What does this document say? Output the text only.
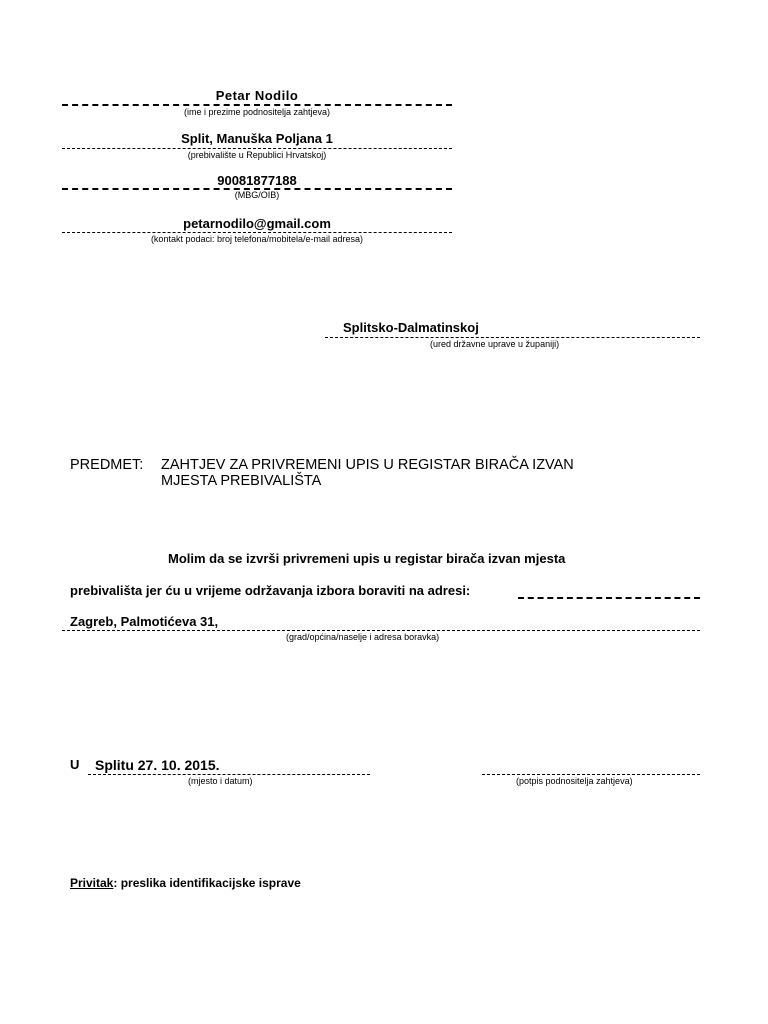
Petar Nodilo
(ime i prezime podnositelja zahtjeva)
Split, Manuška Poljana 1
(prebivalište u Republici Hrvatskoj)
90081877188
(MBG/OIB)
petarnodilo@gmail.com
(kontakt podaci: broj telefona/mobitela/e-mail adresa)
Splitsko-Dalmatinskoj
(ured državne uprave u županiji)
PREDMET: ZAHTJEV ZA PRIVREMENI UPIS U REGISTAR BIRAČA IZVAN
MJESTA PREBIVALIŠTA
Molim da se izvrši privremeni upis u registar birača izvan mjesta
prebivališta jer ću u vrijeme održavanja izbora boraviti na adresi:
Zagreb, Palmotićeva 31,
(grad/općina/naselje i adresa boravka)
U Splitu 27. 10. 2015.
(mjesto i datum)	(potpis podnositelja zahtjeva)
Privitak: preslika identifikacijske isprave
